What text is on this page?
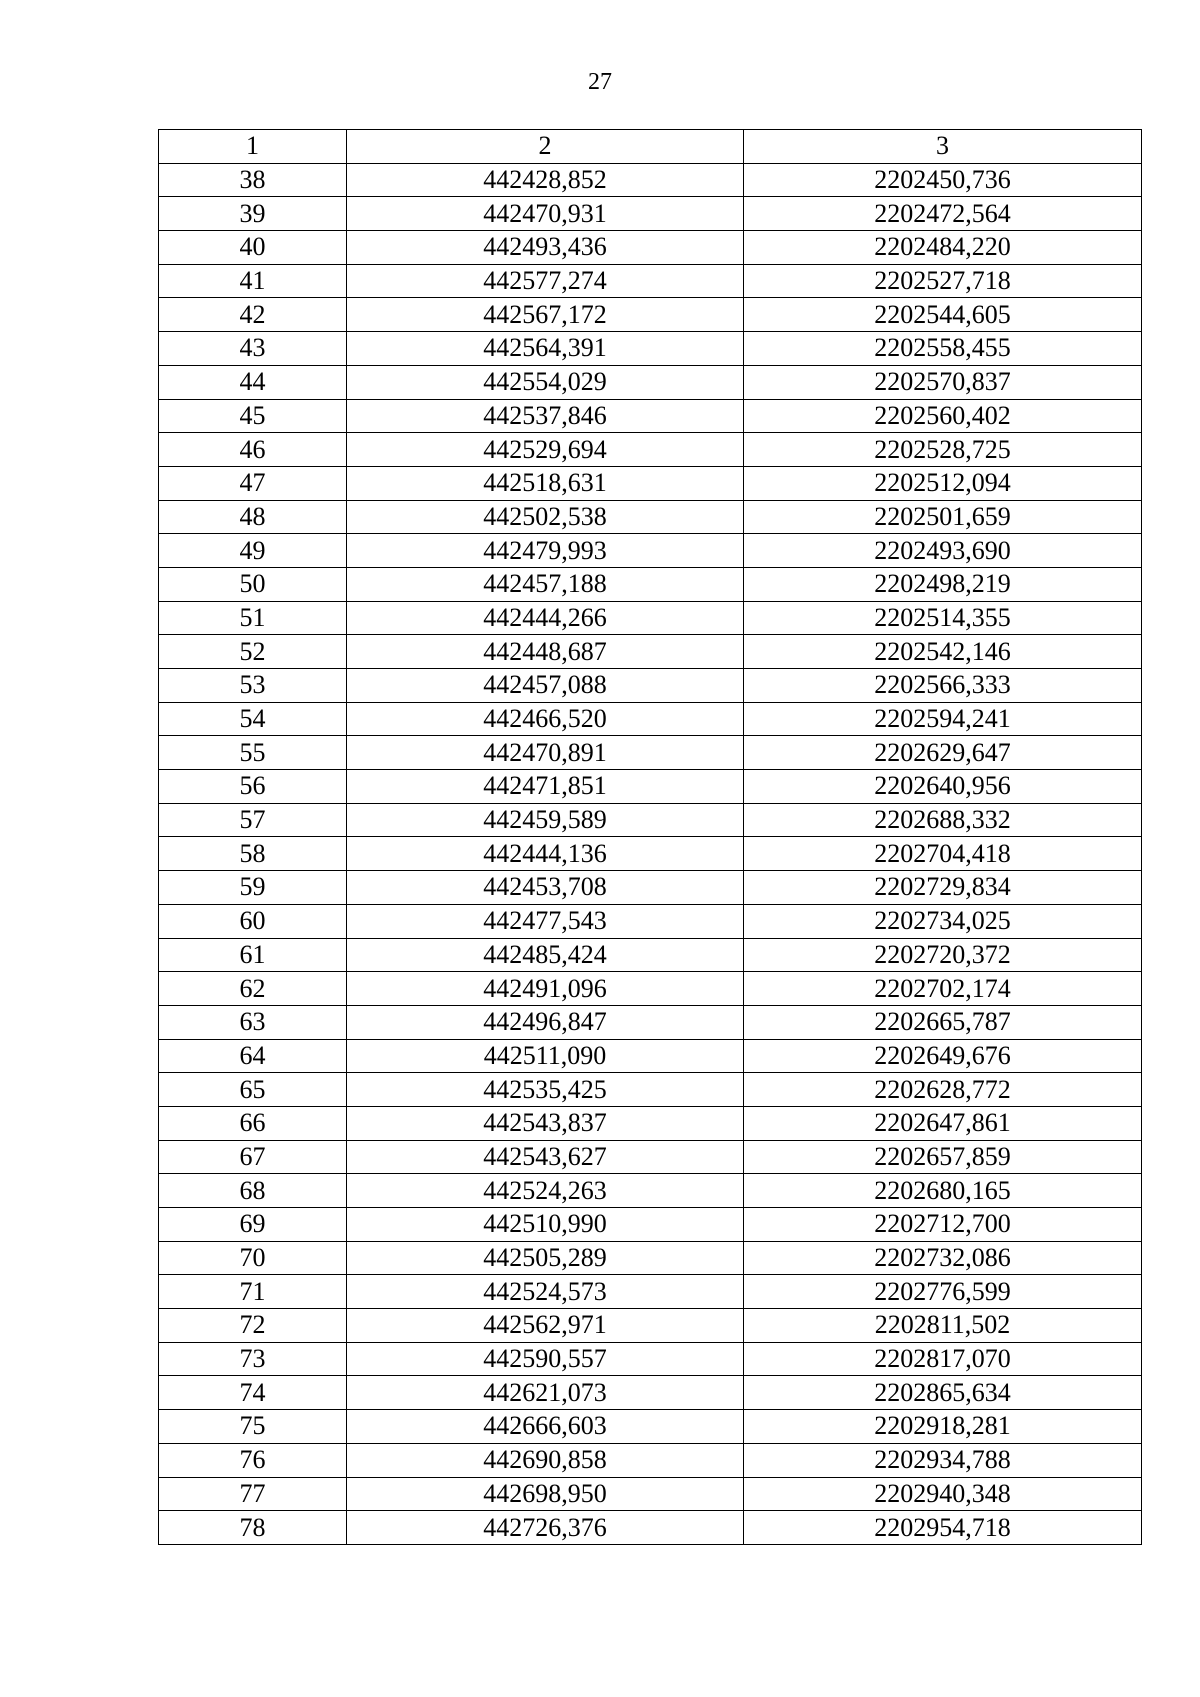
27
1	2	3
38	442428,852	2202450,736
39	442470,931	2202472,564
40	442493,436	2202484,220
41	442577,274	2202527,718
42	442567,172	2202544,605
43	442564,391	2202558,455
44	442554,029	2202570,837
45	442537,846	2202560,402
46	442529,694	2202528,725
47	442518,631	2202512,094
48	442502,538	2202501,659
49	442479,993	2202493,690
50	442457,188	2202498,219
51	442444,266	2202514,355
52	442448,687	2202542,146
53	442457,088	2202566,333
54	442466,520	2202594,241
55	442470,891	2202629,647
56	442471,851	2202640,956
57	442459,589	2202688,332
58	442444,136	2202704,418
59	442453,708	2202729,834
60	442477,543	2202734,025
61	442485,424	2202720,372
62	442491,096	2202702,174
63	442496,847	2202665,787
64	442511,090	2202649,676
65	442535,425	2202628,772
66	442543,837	2202647,861
67	442543,627	2202657,859
68	442524,263	2202680,165
69	442510,990	2202712,700
70	442505,289	2202732,086
71	442524,573	2202776,599
72	442562,971	2202811,502
73	442590,557	2202817,070
74	442621,073	2202865,634
75	442666,603	2202918,281
76	442690,858	2202934,788
77	442698,950	2202940,348
78	442726,376	2202954,718
